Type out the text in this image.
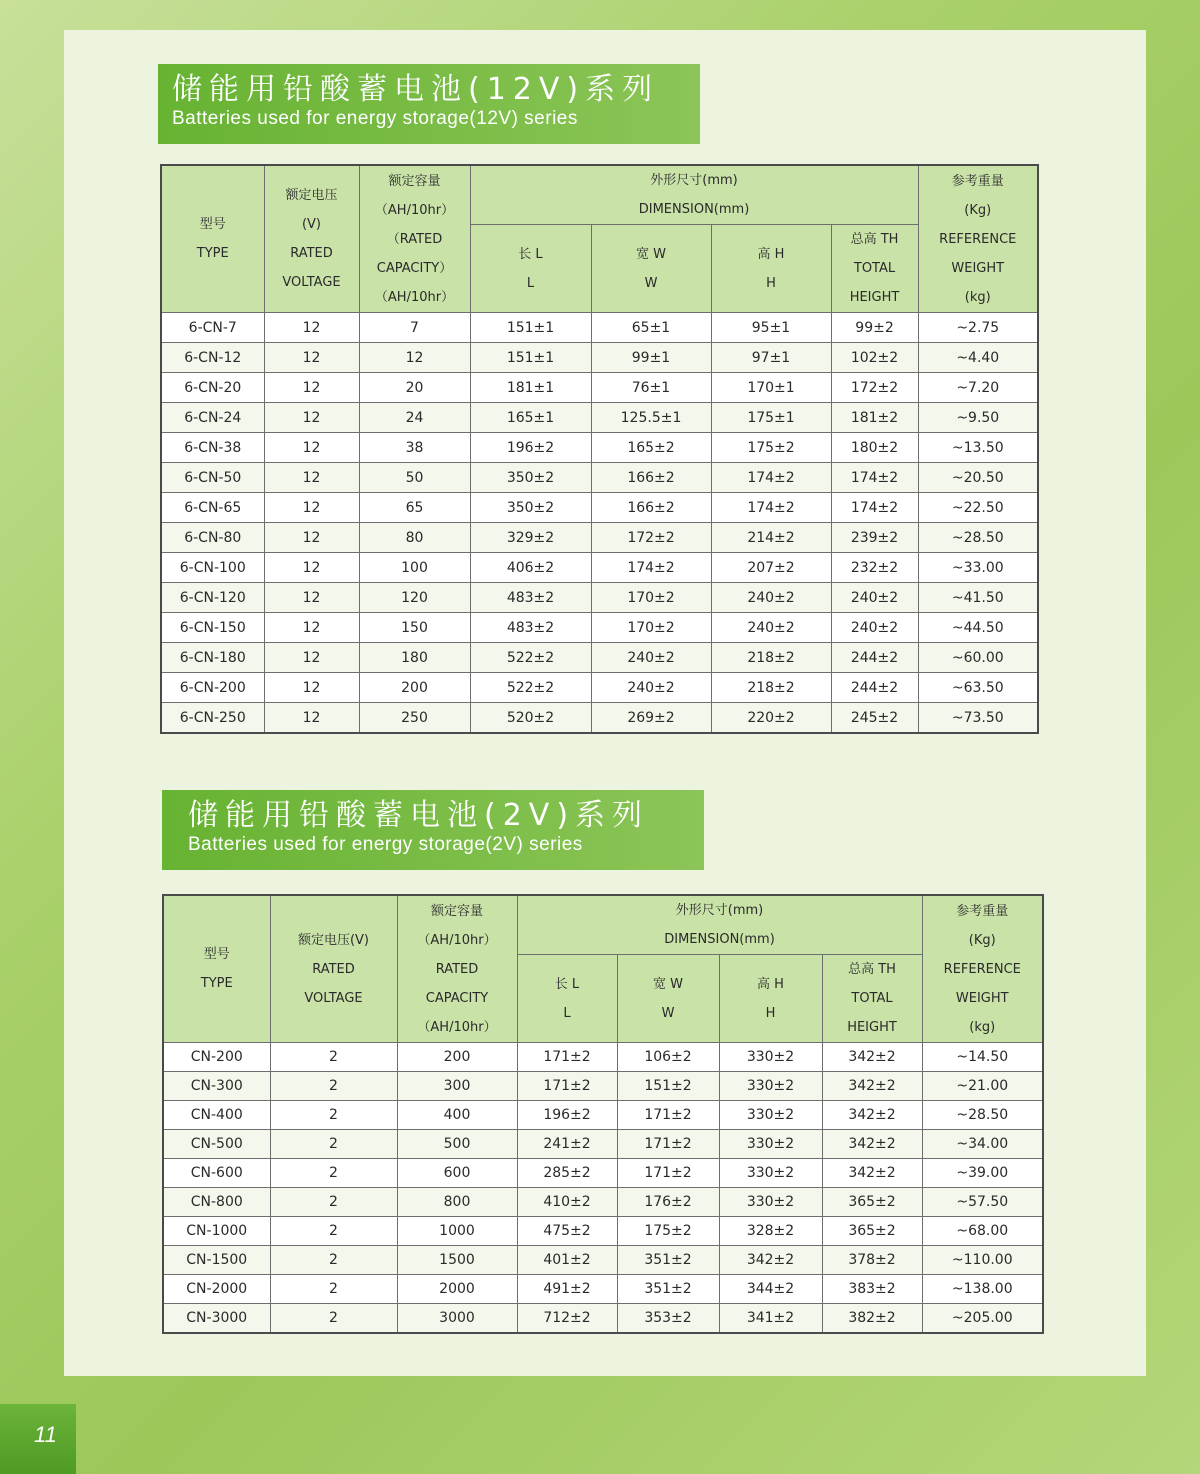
储能用铅酸蓄电池(12V)系列
Batteries used for energy storage(12V) series
型号
TYPE	额定电压
(V)
RATED
VOLTAGE	额定容量
（AH/10hr）
（RATED
CAPACITY）
（AH/10hr）	外形尺寸(mm)
DIMENSION(mm)				参考重量
(Kg)
REFERENCE
WEIGHT
(kg)

			长 L
L	宽 W
W	高 H
H	总高 TH
TOTAL
HEIGHT	

6-CN-7	12	7	151±1	65±1	95±1	99±2	~2.75
6-CN-12	12	12	151±1	99±1	97±1	102±2	~4.40
6-CN-20	12	20	181±1	76±1	170±1	172±2	~7.20
6-CN-24	12	24	165±1	125.5±1	175±1	181±2	~9.50
6-CN-38	12	38	196±2	165±2	175±2	180±2	~13.50
6-CN-50	12	50	350±2	166±2	174±2	174±2	~20.50
6-CN-65	12	65	350±2	166±2	174±2	174±2	~22.50
6-CN-80	12	80	329±2	172±2	214±2	239±2	~28.50
6-CN-100	12	100	406±2	174±2	207±2	232±2	~33.00
6-CN-120	12	120	483±2	170±2	240±2	240±2	~41.50
6-CN-150	12	150	483±2	170±2	240±2	240±2	~44.50
6-CN-180	12	180	522±2	240±2	218±2	244±2	~60.00
6-CN-200	12	200	522±2	240±2	218±2	244±2	~63.50
6-CN-250	12	250	520±2	269±2	220±2	245±2	~73.50
储能用铅酸蓄电池(2V)系列
Batteries used for energy storage(2V) series
型号
TYPE	额定电压(V)
RATED
VOLTAGE	额定容量
（AH/10hr）
RATED
CAPACITY
（AH/10hr）	外形尺寸(mm)
DIMENSION(mm)				参考重量
(Kg)
REFERENCE
WEIGHT
(kg)

			长 L
L	宽 W
W	高 H
H	总高 TH
TOTAL
HEIGHT	

CN-200	2	200	171±2	106±2	330±2	342±2	~14.50
CN-300	2	300	171±2	151±2	330±2	342±2	~21.00
CN-400	2	400	196±2	171±2	330±2	342±2	~28.50
CN-500	2	500	241±2	171±2	330±2	342±2	~34.00
CN-600	2	600	285±2	171±2	330±2	342±2	~39.00
CN-800	2	800	410±2	176±2	330±2	365±2	~57.50
CN-1000	2	1000	475±2	175±2	328±2	365±2	~68.00
CN-1500	2	1500	401±2	351±2	342±2	378±2	~110.00
CN-2000	2	2000	491±2	351±2	344±2	383±2	~138.00
CN-3000	2	3000	712±2	353±2	341±2	382±2	~205.00
11
